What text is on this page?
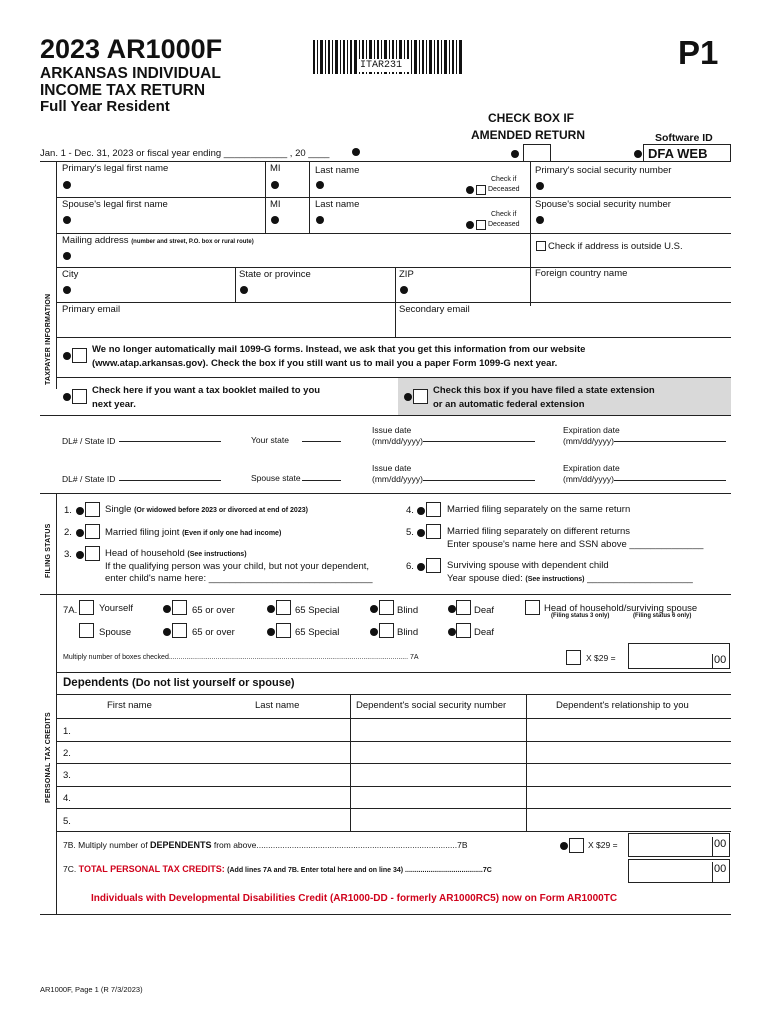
2023 AR1000F
ARKANSAS INDIVIDUAL
INCOME TAX RETURN
Full Year Resident
ITAR231	P1
CHECK BOX IF
AMENDED RETURN	Software ID
DFA WEB
Jan. 1 - Dec. 31, 2023 or fiscal year ending ____________ , 20 ____
TAXPAYER INFORMATION
Primary's legal first name	MI	Last name
Check if
Deceased
Primary's social security number
Spouse's legal first name	MI	Last name
Check if
Deceased
Spouse's social security number
Mailing address (number and street, P.O. box or rural route)	Check if address is outside U.S.
City	State or province	ZIP	Foreign country name
Primary email	Secondary email
We no longer automatically mail 1099-G forms. Instead, we ask that you get this information from our website
(www.atap.arkansas.gov). Check the box if you still want us to mail you a paper Form 1099-G next year.
Check here if you want a tax booklet mailed to you
next year.
Check this box if you have filed a state extension
or an automatic federal extension
DL# / State ID	Your state
Issue date
(mm/dd/yyyy)
Expiration date
(mm/dd/yyyy)
DL# / State ID	Spouse state
Issue date
(mm/dd/yyyy)
Expiration date
(mm/dd/yyyy)
FILING STATUS
1.	Single (Or widowed before 2023 or divorced at end of 2023)
2.	Married filing joint (Even if only one had income)
3.	Head of household (See instructions)
If the qualifying person was your child, but not your dependent,
enter child's name here: _______________________________
4.	Married filing separately on the same return
5.	Married filing separately on different returns
Enter spouse's name here and SSN above ______________
6.	Surviving spouse with dependent child
Year spouse died: (See instructions) ____________________
PERSONAL TAX CREDITS
7A. Yourself	65 or over	65 Special	Blind	Deaf	Head of household/surviving spouse
(Filing status 3 only)	(Filing status 6 only)
Spouse	65 or over	65 Special	Blind	Deaf
Multiply number of boxes checked........................................................................................................................... 7A	X $29 =	00
Dependents (Do not list yourself or spouse)
First name	Last name	Dependent's social security number	Dependent's relationship to you
1.
2.
3.
4.
5.
7B. Multiply number of DEPENDENTS from above.....................................................................................7B	X $29 =	00
7C. TOTAL PERSONAL TAX CREDITS: (Add lines 7A and 7B. Enter total here and on line 34) ........................................7C	00
Individuals with Developmental Disabilities Credit (AR1000-DD - formerly AR1000RC5) now on Form AR1000TC
AR1000F, Page 1 (R 7/3/2023)
